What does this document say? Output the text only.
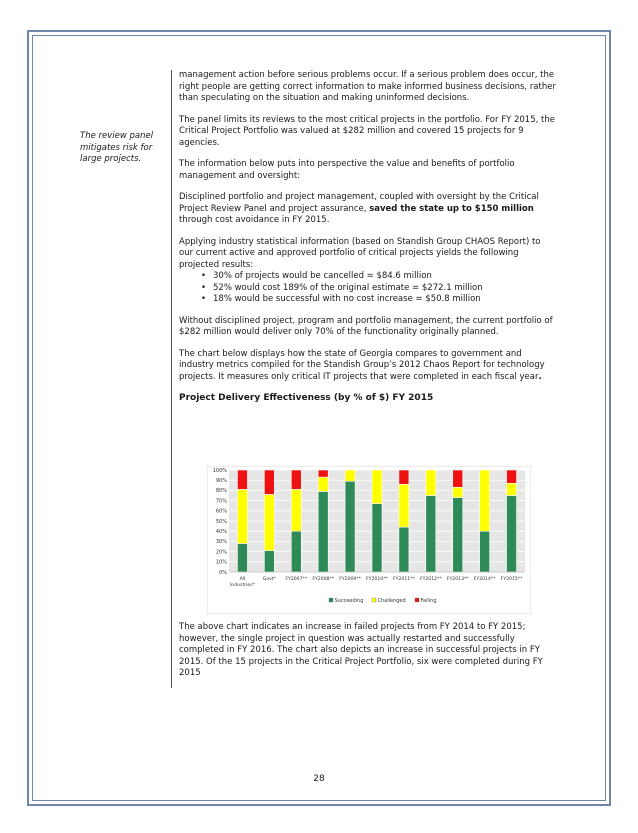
The review panel mitigates risk for large projects.

management action before serious problems occur. If a serious problem does occur, the right people are getting correct information to make informed business decisions, rather than speculating on the situation and making uninformed decisions.

The panel limits its reviews to the most critical projects in the portfolio. For FY 2015, the Critical Project Portfolio was valued at $282 million and covered 15 projects for 9 agencies.

The information below puts into perspective the value and benefits of portfolio management and oversight:

Disciplined portfolio and project management, coupled with oversight by the Critical Project Review Panel and project assurance, saved the state up to $150 million through cost avoidance in FY 2015.

Applying industry statistical information (based on Standish Group CHAOS Report) to our current active and approved portfolio of critical projects yields the following projected results:

• 30% of projects would be cancelled = $84.6 million
• 52% would cost 189% of the original estimate = $272.1 million
• 18% would be successful with no cost increase = $50.8 million

Without disciplined project, program and portfolio management, the current portfolio of $282 million would deliver only 70% of the functionality originally planned.

The chart below displays how the state of Georgia compares to government and industry metrics compiled for the Standish Group’s 2012 Chaos Report for technology projects. It measures only critical IT projects that were completed in each fiscal year.

Project Delivery Effectiveness (by % of $) FY 2015
0%
10%
20%
30%
40%
50%
60%
70%
80%
90%
100%
All
Industries*
Govt* FY2007** FY2008** FY2009** FY2010** FY2011** FY2012** FY2013** FY2014** FY2015**
Succeeding	Challenged	Failing

The above chart indicates an increase in failed projects from FY 2014 to FY 2015; however, the single project in question was actually restarted and successfully completed in FY 2016. The chart also depicts an increase in successful projects in FY 2015. Of the 15 projects in the Critical Project Portfolio, six were completed during FY 2015

28
